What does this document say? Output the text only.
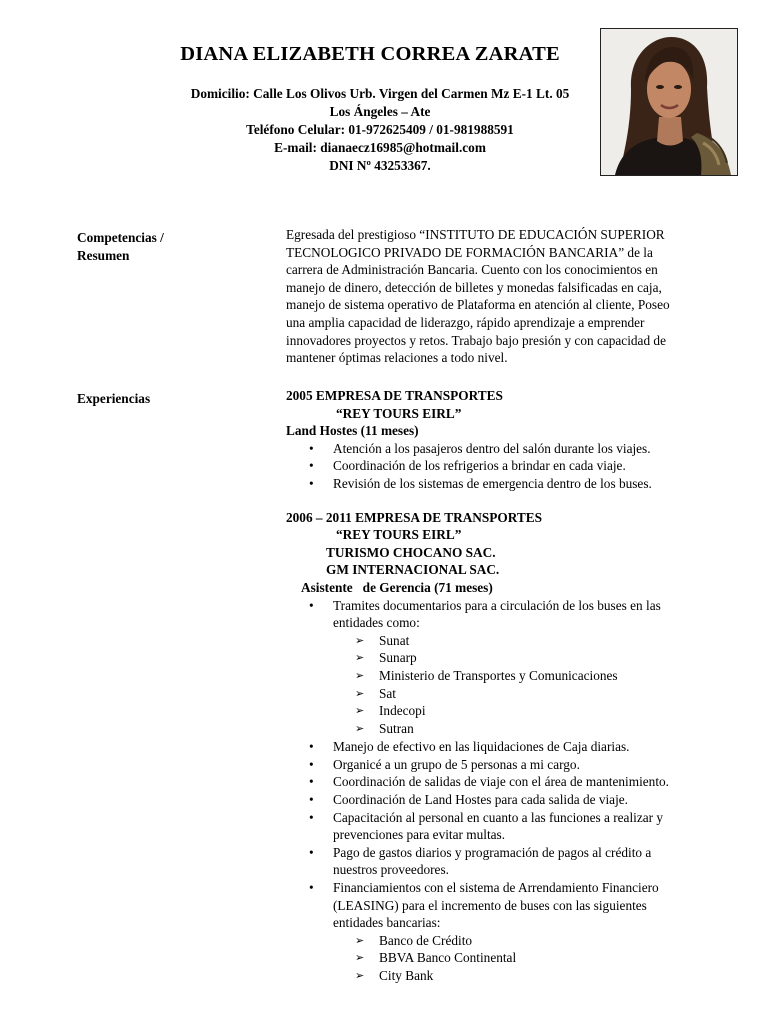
DIANA ELIZABETH CORREA ZARATE
Domicilio: Calle Los Olivos Urb. Virgen del Carmen Mz E-1 Lt. 05
Los Ángeles – Ate
Teléfono Celular: 01-972625409 / 01-981988591
E-mail: dianaecz16985@hotmail.com
DNI Nº 43253367.
Competencias /
Resumen
Experiencias
Egresada del prestigioso “INSTITUTO DE EDUCACIÓN SUPERIOR
TECNOLOGICO PRIVADO DE FORMACIÓN BANCARIA” de la
carrera de Administración Bancaria. Cuento con los conocimientos en
manejo de dinero, detección de billetes y monedas falsificadas en caja,
manejo de sistema operativo de Plataforma en atención al cliente, Poseo
una amplia capacidad de liderazgo, rápido aprendizaje a emprender
innovadores proyectos y retos. Trabajo bajo presión y con capacidad de
mantener óptimas relaciones a todo nivel.
2005 EMPRESA DE TRANSPORTES
“REY TOURS EIRL”
Land Hostes (11 meses)
• Atención a los pasajeros dentro del salón durante los viajes.
• Coordinación de los refrigerios a brindar en cada viaje.
• Revisión de los sistemas de emergencia dentro de los buses.
2006 – 2011 EMPRESA DE TRANSPORTES
“REY TOURS EIRL”
TURISMO CHOCANO SAC.
GM INTERNACIONAL SAC.
Asistente   de Gerencia (71 meses)
• Tramites documentarios para a circulación de los buses en las
entidades como:
➢ Sunat
➢ Sunarp
➢ Ministerio de Transportes y Comunicaciones
➢ Sat
➢ Indecopi
➢ Sutran
• Manejo de efectivo en las liquidaciones de Caja diarias.
• Organicé a un grupo de 5 personas a mi cargo.
• Coordinación de salidas de viaje con el área de mantenimiento.
• Coordinación de Land Hostes para cada salida de viaje.
• Capacitación al personal en cuanto a las funciones a realizar y
prevenciones para evitar multas.
• Pago de gastos diarios y programación de pagos al crédito a
nuestros proveedores.
• Financiamientos con el sistema de Arrendamiento Financiero
(LEASING) para el incremento de buses con las siguientes
entidades bancarias:
➢ Banco de Crédito
➢ BBVA Banco Continental
➢ City Bank
